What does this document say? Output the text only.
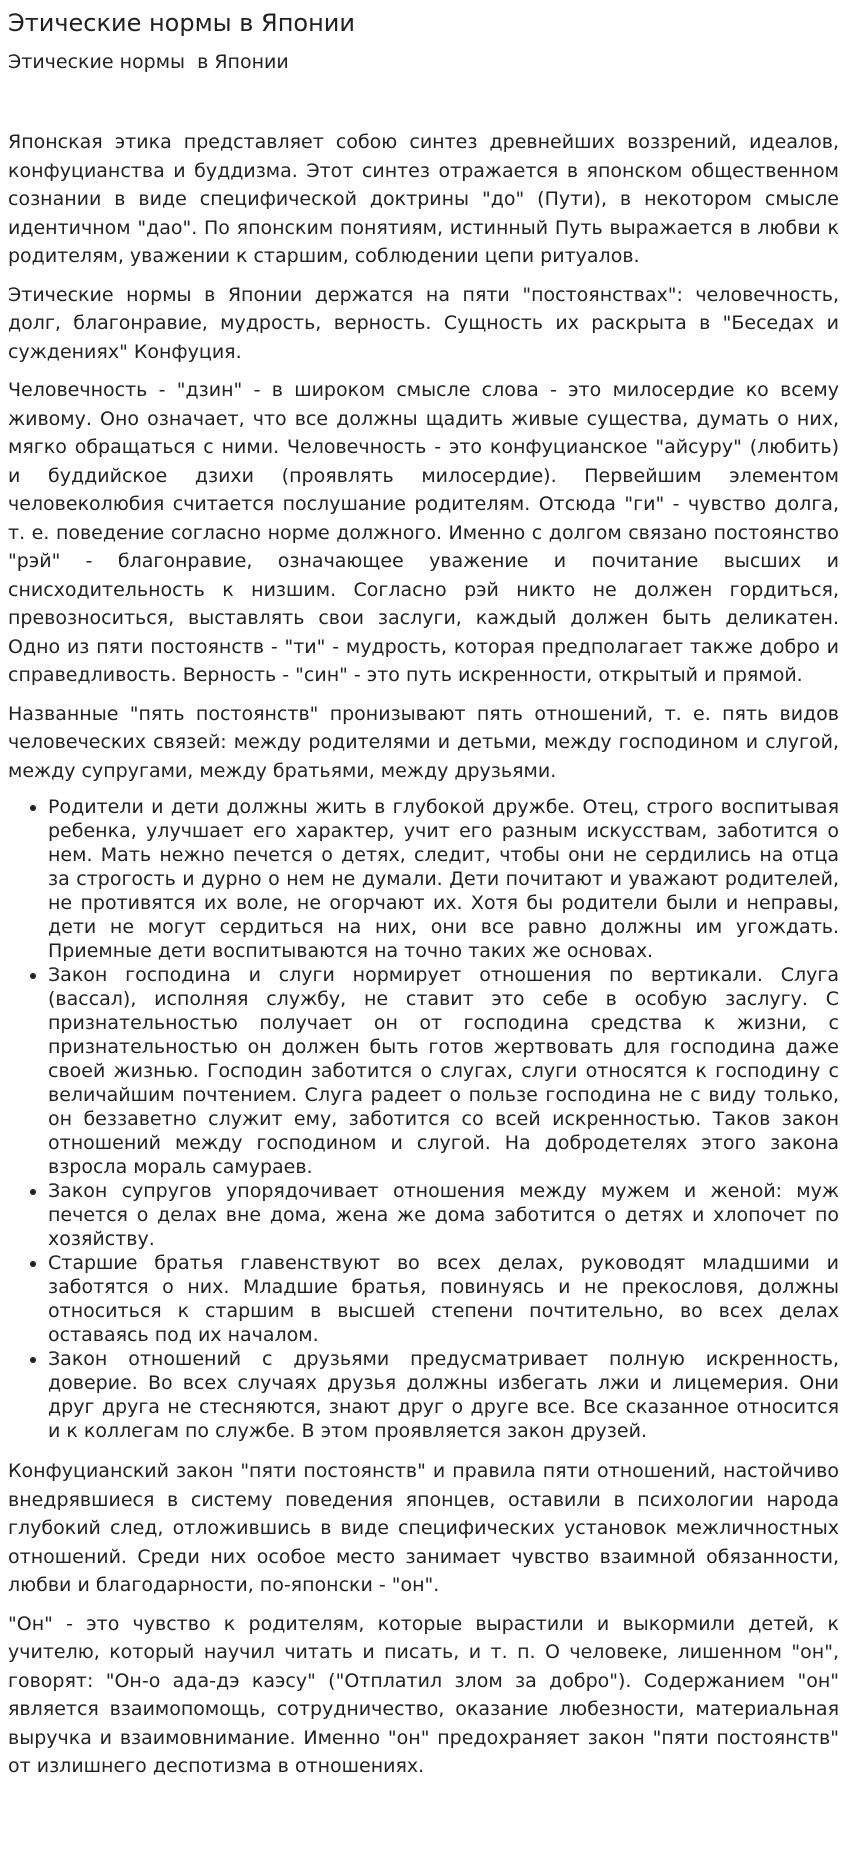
Этические нормы в Японии
Этические нормы  в Японии

Японская этика представляет собою синтез древнейших воззрений, идеалов, конфуцианства и буддизма. Этот синтез отражается в японском общественном сознании в виде специфической доктрины "до" (Пути), в некотором смысле идентичном "дао". По японским понятиям, истинный Путь выражается в любви к родителям, уважении к старшим, соблюдении цепи ритуалов.

Этические нормы в Японии держатся на пяти "постоянствах": человечность, долг, благонравие, мудрость, верность. Сущность их раскрыта в "Беседах и суждениях" Конфуция.

Человечность - "дзин" - в широком смысле слова - это милосердие ко всему живому. Оно означает, что все должны щадить живые существа, думать о них, мягко обращаться с ними. Человечность - это конфуцианское "айсуру" (любить) и буддийское дзихи (проявлять милосердие). Первейшим элементом человеколюбия считается послушание родителям. Отсюда "ги" - чувство долга, т. е. поведение согласно норме должного. Именно с долгом связано постоянство "рэй" - благонравие, означающее уважение и почитание высших и снисходительность к низшим. Согласно рэй никто не должен гордиться, превозноситься, выставлять свои заслуги, каждый должен быть деликатен. Одно из пяти постоянств - "ти" - мудрость, которая предполагает также добро и справедливость. Верность - "син" - это путь искренности, открытый и прямой.

Названные "пять постоянств" пронизывают пять отношений, т. е. пять видов человеческих связей: между родителями и детьми, между господином и слугой, между супругами, между братьями, между друзьями.

• Родители и дети должны жить в глубокой дружбе. Отец, строго воспитывая ребенка, улучшает его характер, учит его разным искусствам, заботится о нем. Мать нежно печется о детях, следит, чтобы они не сердились на отца за строгость и дурно о нем не думали. Дети почитают и уважают родителей, не противятся их воле, не огорчают их. Хотя бы родители были и неправы, дети не могут сердиться на них, они все равно должны им угождать. Приемные дети воспитываются на точно таких же основах.
• Закон господина и слуги нормирует отношения по вертикали. Слуга (вассал), исполняя службу, не ставит это себе в особую заслугу. С признательностью получает он от господина средства к жизни, с признательностью он должен быть готов жертвовать для господина даже своей жизнью. Господин заботится о слугах, слуги относятся к господину с величайшим почтением. Слуга радеет о пользе господина не с виду только, он беззаветно служит ему, заботится со всей искренностью. Таков закон отношений между господином и слугой. На добродетелях этого закона взросла мораль самураев.
• Закон супругов упорядочивает отношения между мужем и женой: муж печется о делах вне дома, жена же дома заботится о детях и хлопочет по хозяйству.
• Старшие братья главенствуют во всех делах, руководят младшими и заботятся о них. Младшие братья, повинуясь и не прекословя, должны относиться к старшим в высшей степени почтительно, во всех делах оставаясь под их началом.
• Закон отношений с друзьями предусматривает полную искренность, доверие. Во всех случаях друзья должны избегать лжи и лицемерия. Они друг друга не стесняются, знают друг о друге все. Все сказанное относится и к коллегам по службе. В этом проявляется закон друзей.

Конфуцианский закон "пяти постоянств" и правила пяти отношений, настойчиво внедрявшиеся в систему поведения японцев, оставили в психологии народа глубокий след, отложившись в виде специфических установок межличностных отношений. Среди них особое место занимает чувство взаимной обязанности, любви и благодарности, по-японски - "он".

"Он" - это чувство к родителям, которые вырастили и выкормили детей, к учителю, который научил читать и писать, и т. п. О человеке, лишенном "он", говорят: "Он-о ада-дэ каэсу" ("Отплатил злом за добро"). Содержанием "он" является взаимопомощь, сотрудничество, оказание любезности, материальная выручка и взаимовнимание. Именно "он" предохраняет закон "пяти постоянств" от излишнего деспотизма в отношениях.
